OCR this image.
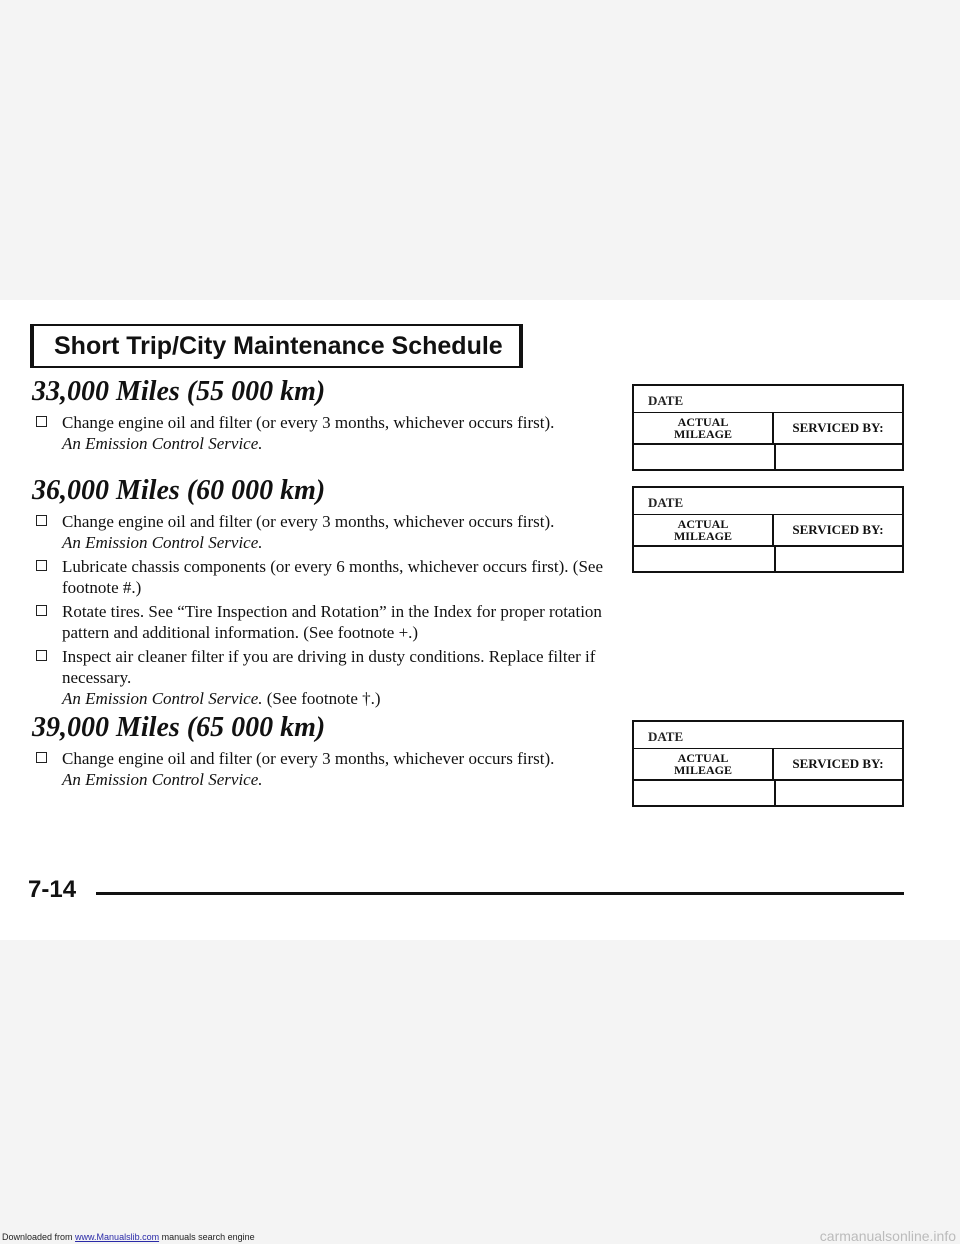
Short Trip/City Maintenance Schedule
33,000 Miles (55 000 km)
Change engine oil and filter (or every 3 months, whichever occurs first).
An Emission Control Service.
36,000 Miles (60 000 km)
Change engine oil and filter (or every 3 months, whichever occurs first).
An Emission Control Service.
Lubricate chassis components (or every 6 months, whichever occurs first). (See footnote #.)
Rotate tires. See “Tire Inspection and Rotation” in the Index for proper rotation pattern and additional information. (See footnote +.)
Inspect air cleaner filter if you are driving in dusty conditions. Replace filter if necessary.
An Emission Control Service. (See footnote †.)
39,000 Miles (65 000 km)
Change engine oil and filter (or every 3 months, whichever occurs first).
An Emission Control Service.
DATE
ACTUAL
MILEAGE	SERVICED BY:
DATE
ACTUAL
MILEAGE	SERVICED BY:
DATE
ACTUAL
MILEAGE	SERVICED BY:
7-14
Downloaded from www.Manualslib.com manuals search engine	carmanualsonline.info
